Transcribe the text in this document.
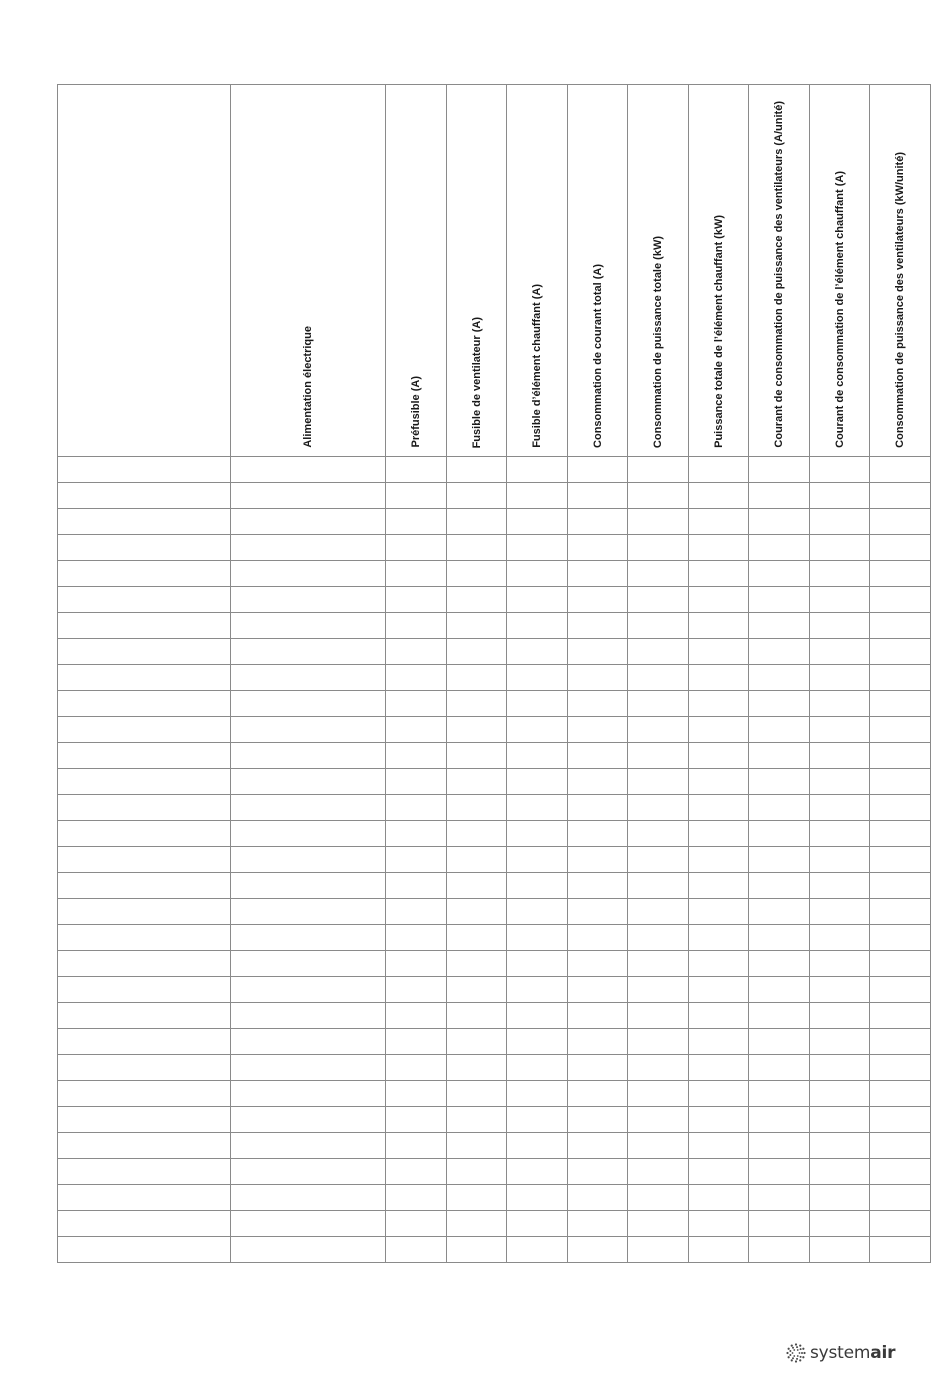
	Alimentation électrique	Préfusible (A)	Fusible de ventilateur (A)	Fusible d’élément chauffant (A)	Consommation de courant total (A)	Consommation de puissance totale (kW)	Puissance totale de l’élément chauffant (kW)	Courant de consommation de puissance des ventilateurs (A/unité)	Courant de consommation de l’élément chauffant (A)	Consommation de puissance des ventilateurs (kW/unité)

systemair
